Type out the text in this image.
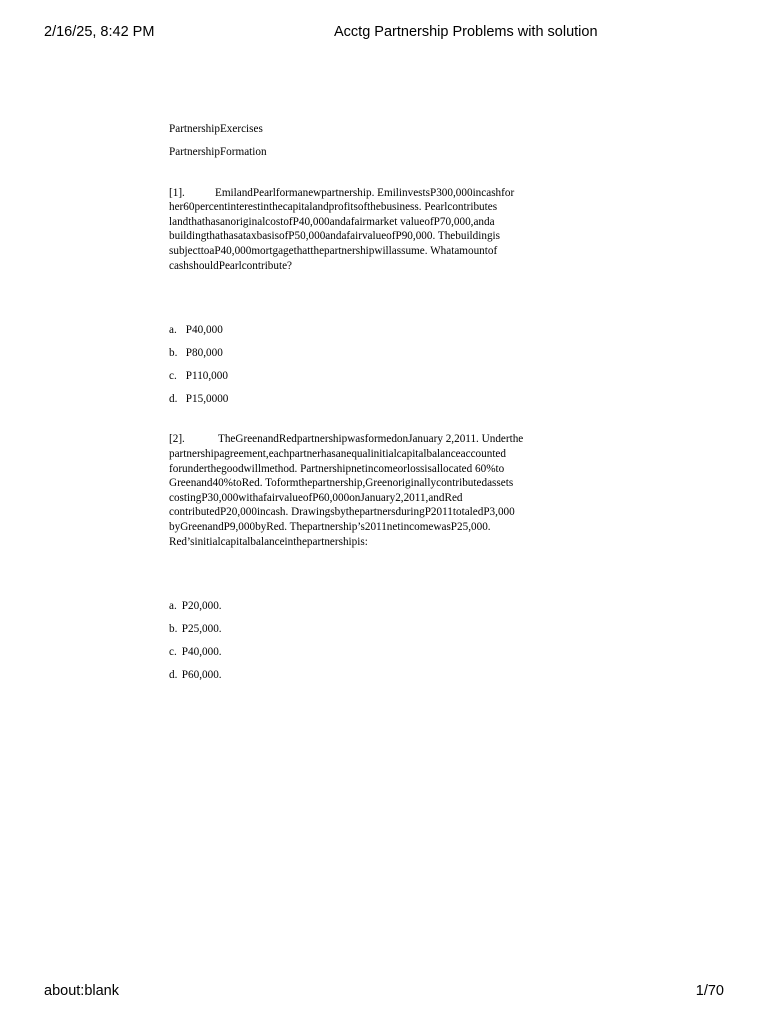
2/16/25, 8:42 PM	Acctg Partnership Problems with solution

PartnershipExercises

PartnershipFormation

[1].	EmilandPearlformanewpartnership. EmilinvestsP300,000incashfor

her60percentinterestinthecapitalandprofitsofthebusiness. Pearlcontributes

landthathasanoriginalcostofP40,000andafairmarket valueofP70,000,anda

buildingthathasataxbasisofP50,000andafairvalueofP90,000. Thebuildingis

subjecttoaP40,000mortgagethatthepartnershipwillassume. Whatamountof

cashshouldPearlcontribute?

a. P40,000
b. P80,000
c. P110,000
d. P15,0000

[2].	TheGreenandRedpartnershipwasformedonJanuary 2,2011. Underthe

partnershipagreement,eachpartnerhasanequalinitialcapitalbalanceaccounted

forunderthegoodwillmethod. Partnershipnetincomeorlossisallocated 60%to

Greenand40%toRed. Toformthepartnership,Greenoriginallycontributedassets

costingP30,000withafairvalueofP60,000onJanuary2,2011,andRed

contributedP20,000incash. DrawingsbythepartnersduringP2011totaledP3,000

byGreenandP9,000byRed. Thepartnership’s2011netincomewasP25,000.

Red’sinitialcapitalbalanceinthepartnershipis:

a. P20,000.
b. P25,000.
c. P40,000.
d. P60,000.
about:blank	1/70
